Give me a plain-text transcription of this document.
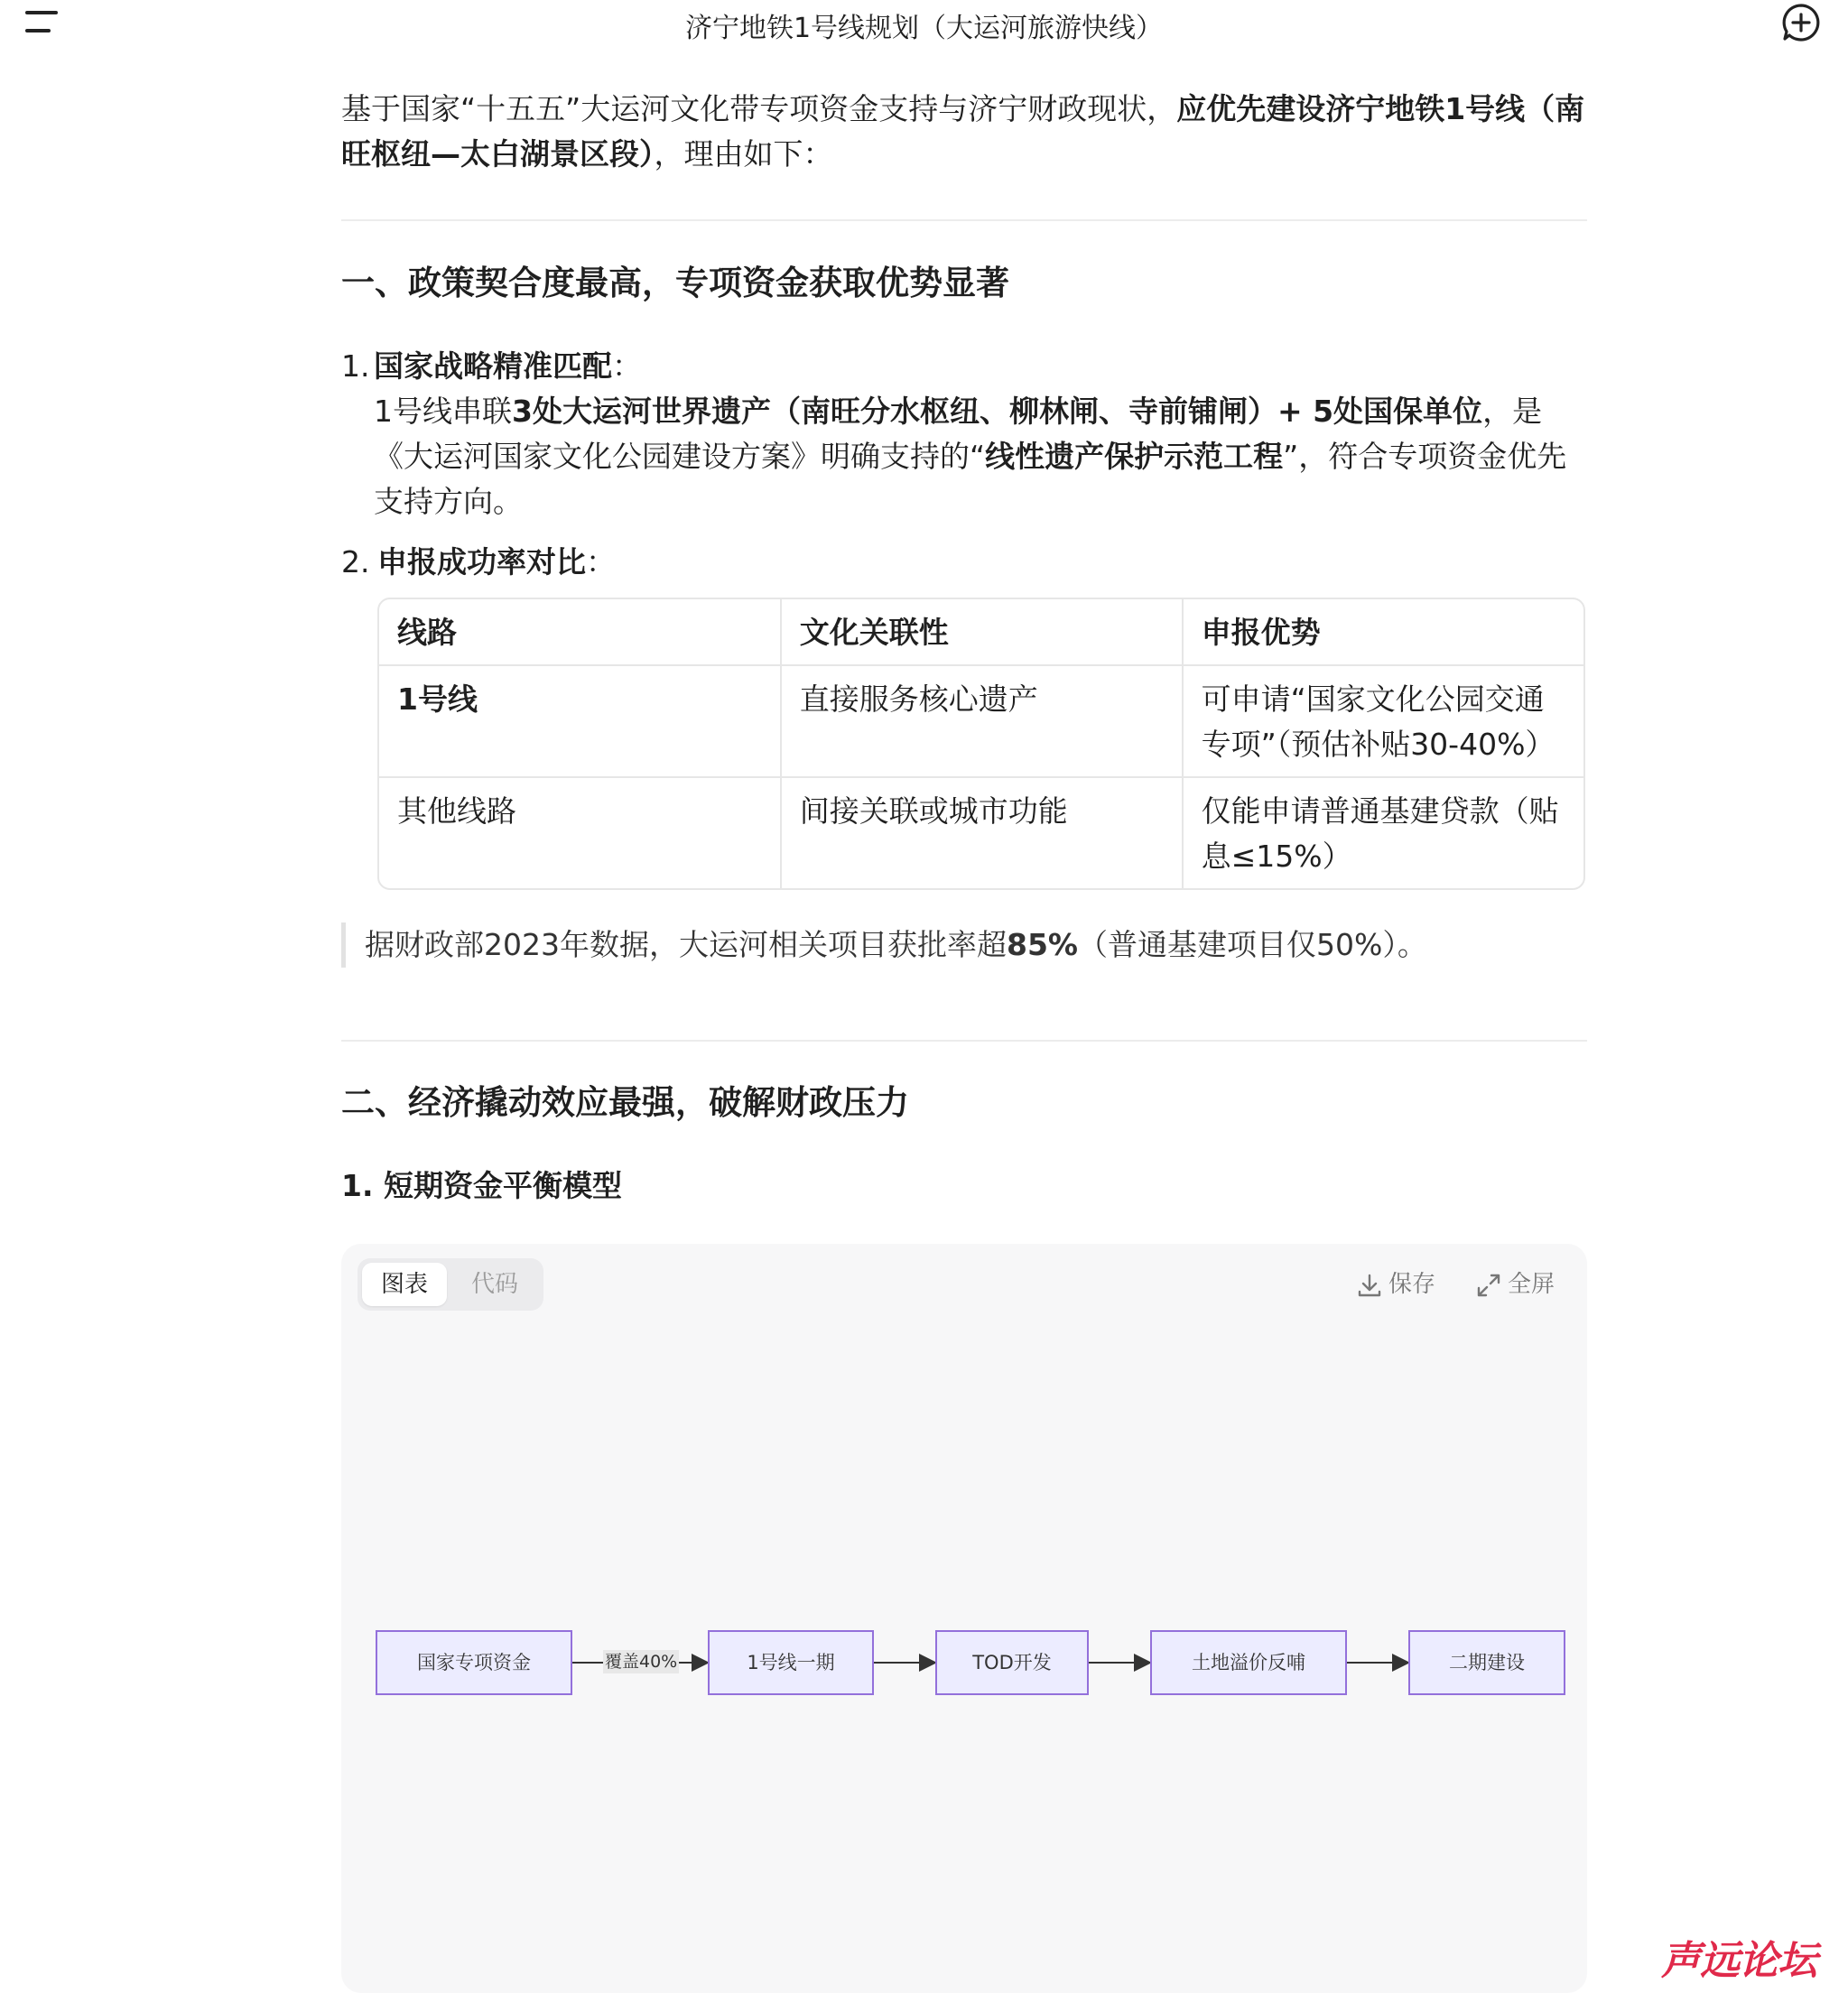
济宁地铁1号线规划（大运河旅游快线）
基于国家“十五五”大运河文化带专项资金支持与济宁财政现状，应优先建设济宁地铁1号线（南旺枢纽—太白湖景区段），理由如下：
一、政策契合度最高，专项资金获取优势显著
1. 国家战略精准匹配：
1号线串联3处大运河世界遗产（南旺分水枢纽、柳林闸、寺前铺闸）+ 5处国保单位，是《大运河国家文化公园建设方案》明确支持的“线性遗产保护示范工程”，符合专项资金优先支持方向。
2. 申报成功率对比：
线路	文化关联性	申报优势
1号线	直接服务核心遗产	可申请“国家文化公园交通专项”（预估补贴30-40%）
其他线路	间接关联或城市功能	仅能申请普通基建贷款（贴息≤15%）
据财政部2023年数据，大运河相关项目获批率超85%（普通基建项目仅50%）。
二、经济撬动效应最强，破解财政压力
1. 短期资金平衡模型
图表	代码	保存	全屏
国家专项资金	覆盖40%	1号线一期	TOD开发	土地溢价反哺	二期建设
声远论坛
